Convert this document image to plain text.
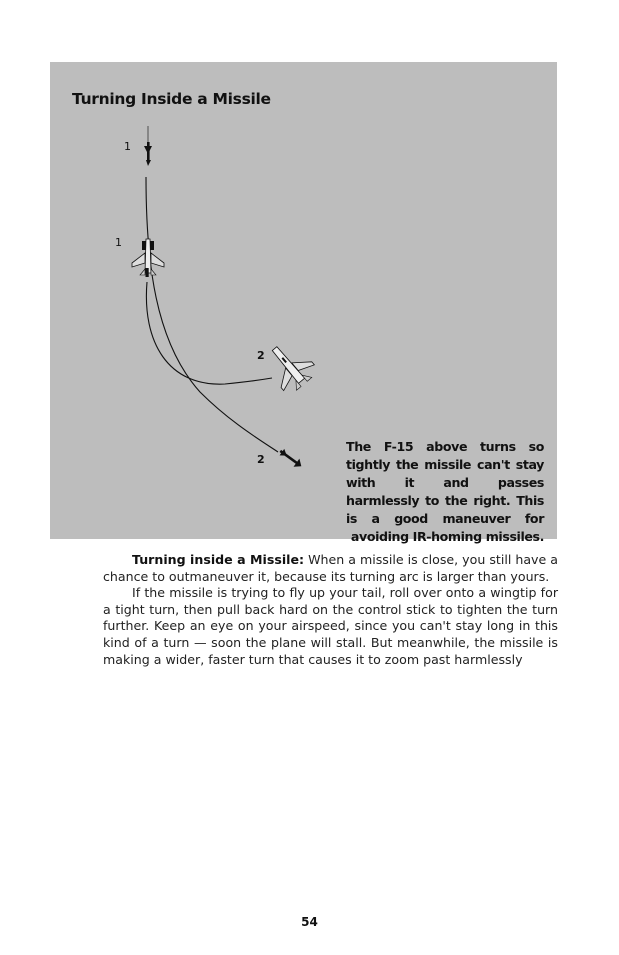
Turning Inside a Missile
1
1
2
2

The F-15 above turns so tightly the missile can't stay with it and passes harmlessly to the right. This is a good maneuver for avoiding IR-homing missiles.

Turning inside a Missile: When a missile is close, you still have a chance to outmaneuver it, because its turning arc is larger than yours.

If the missile is trying to fly up your tail, roll over onto a wingtip for a tight turn, then pull back hard on the control stick to tighten the turn further. Keep an eye on your airspeed, since you can't stay long in this kind of a turn — soon the plane will stall. But meanwhile, the missile is making a wider, faster turn that causes it to zoom past harmlessly

54
